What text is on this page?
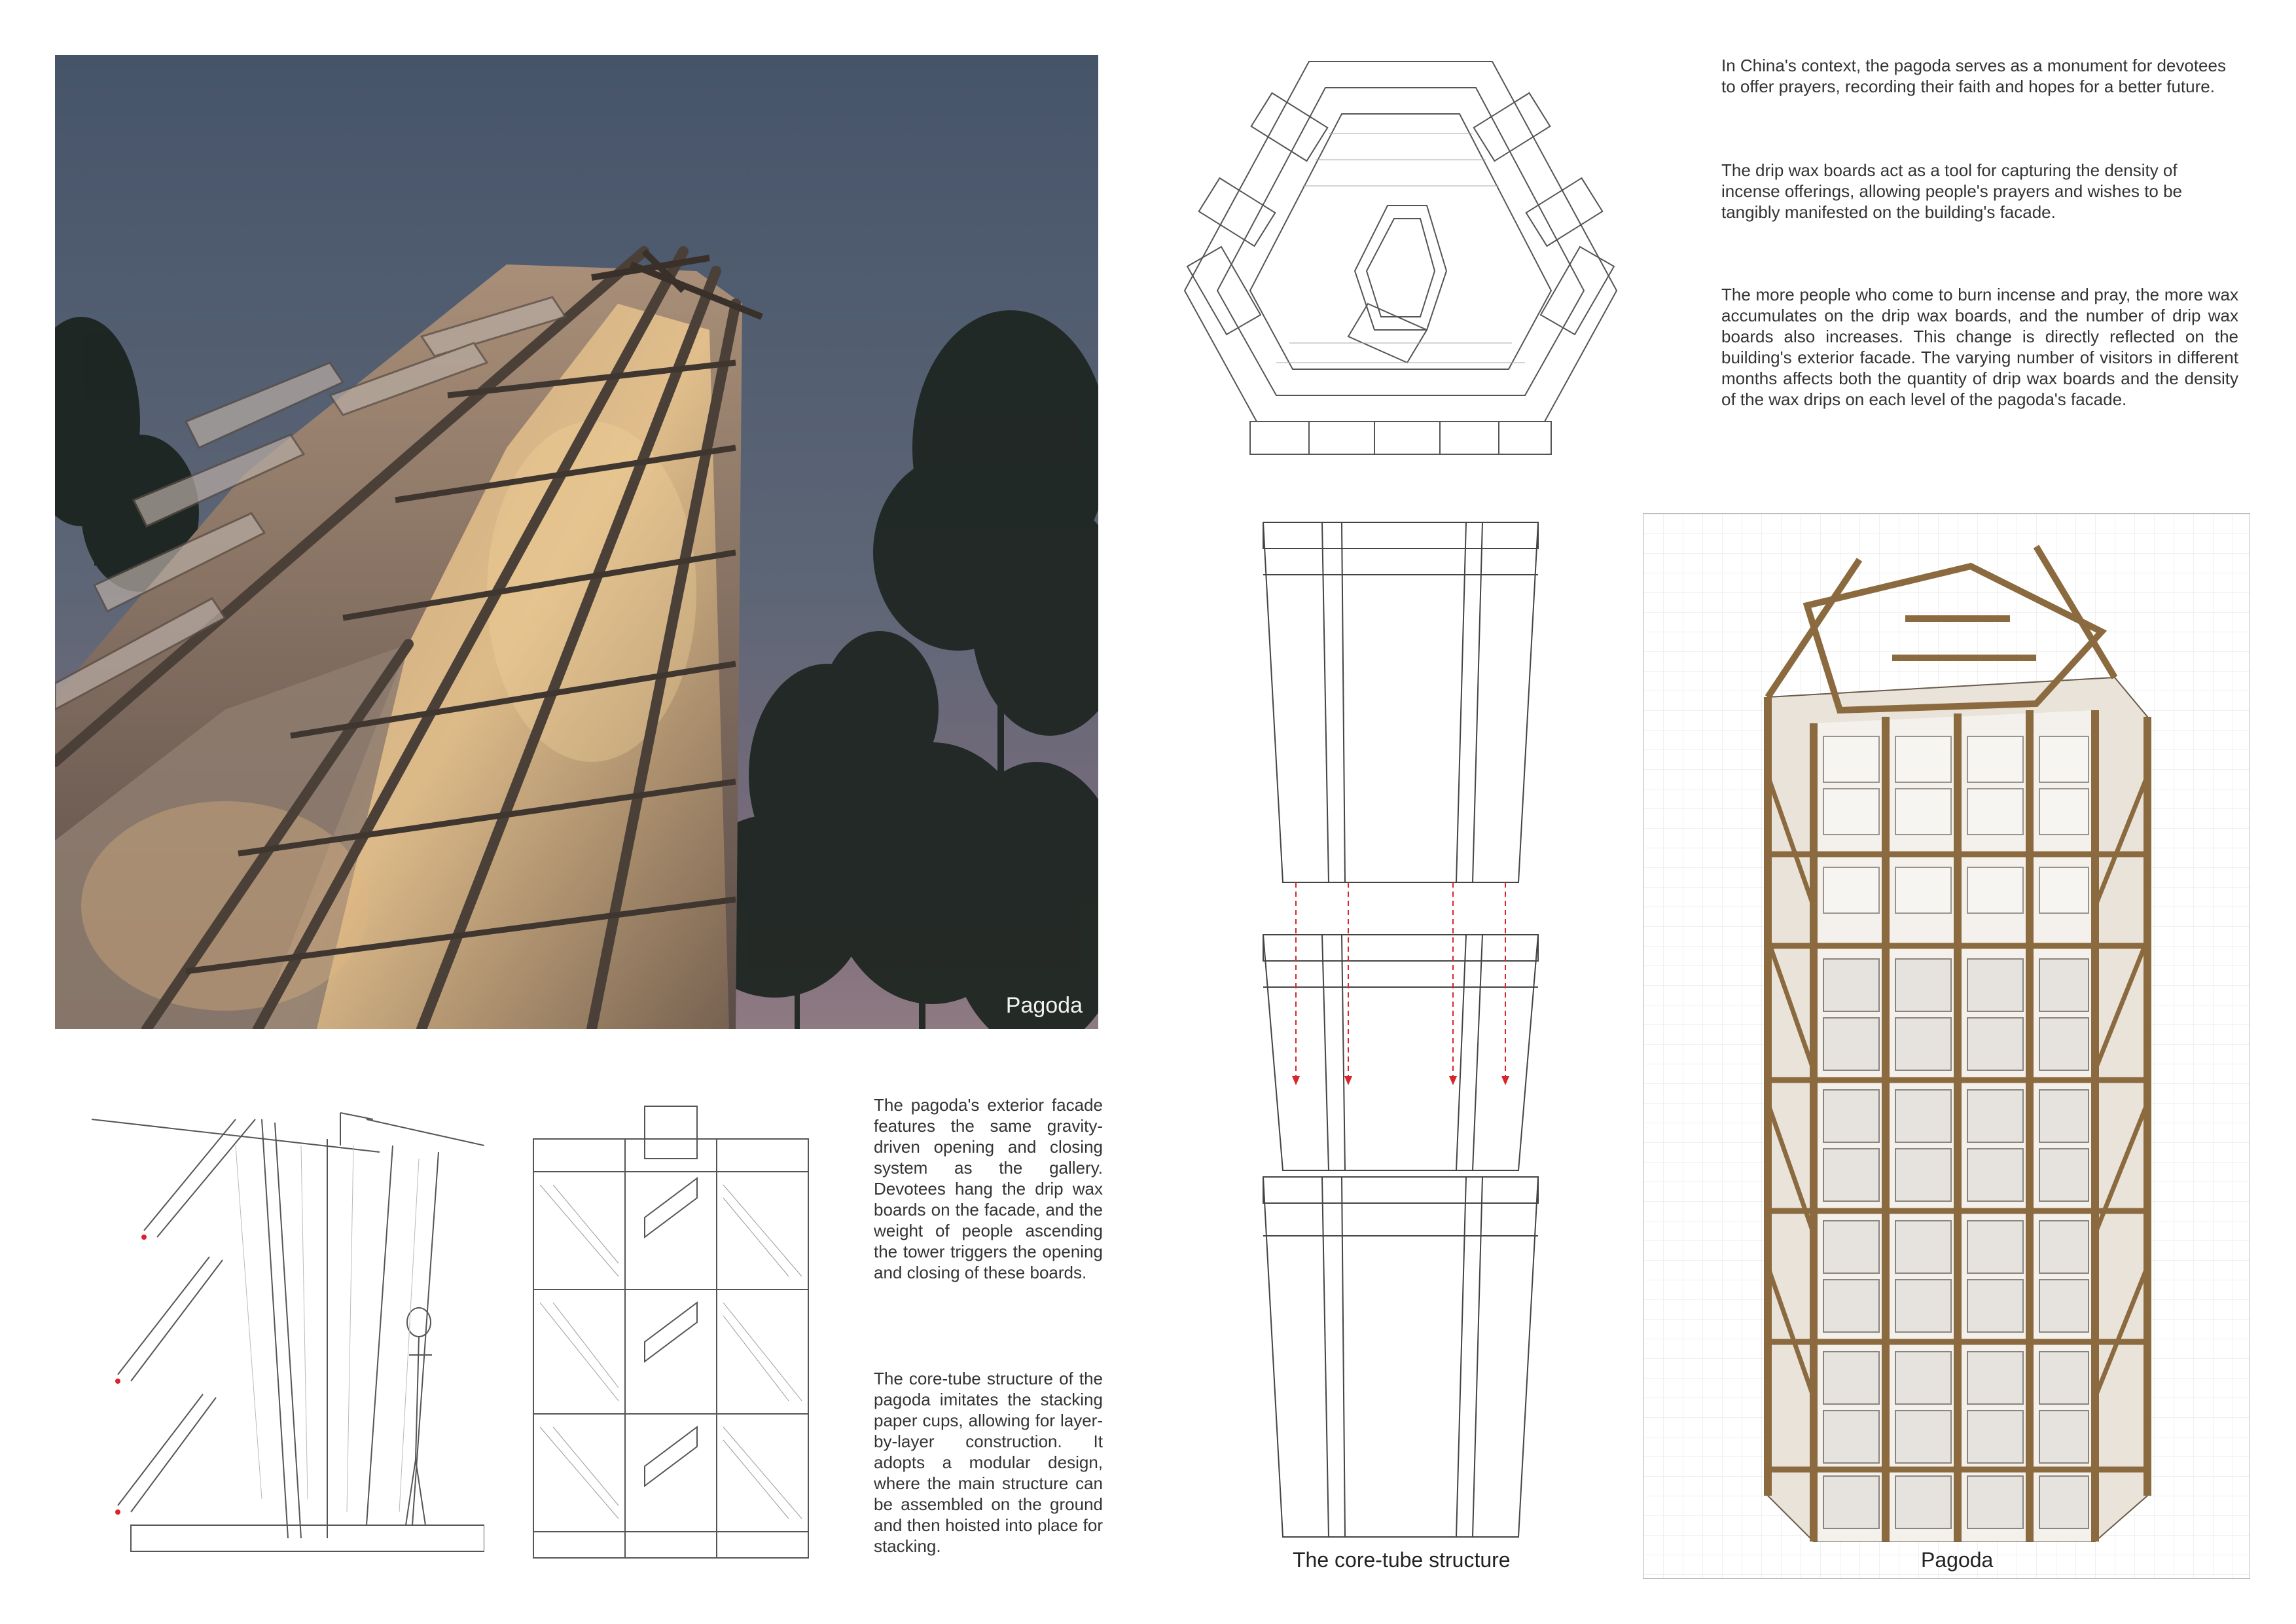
Pagoda

In China's context, the pagoda serves as a monument for devotees to offer prayers, recording their faith and hopes for a better future.

The drip wax boards act as a tool for capturing the density of incense offerings, allowing people's prayers and wishes to be tangibly manifested on the building's facade.

The more people who come to burn incense and pray, the more wax accumulates on the drip wax boards, and the number of drip wax boards also increases. This change is directly reflected on the building's exterior facade. The varying number of visitors in different months affects both the quantity of drip wax boards and the density of the wax drips on each level of the pagoda's facade.

The core-tube structure	Pagoda

The pagoda's exterior facade features the same gravity-driven opening and closing system as the gallery. Devotees hang the drip wax boards on the facade, and the weight of people ascending the tower triggers the opening and closing of these boards.

The core-tube structure of the pagoda imitates the stacking paper cups, allowing for layer-by-layer construction. It adopts a modular design, where the main structure can be assembled on the ground and then hoisted into place for stacking.
